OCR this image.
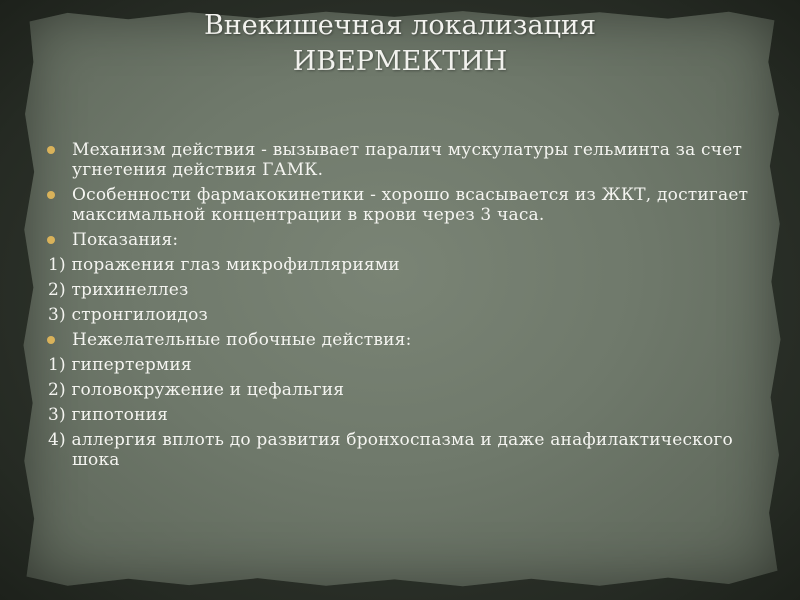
Внекишечная локализация
ИВЕРМЕКТИН
Механизм действия - вызывает паралич мускулатуры гельминта за счет угнетения действия ГАМК.
Особенности фармакокинетики - хорошо всасывается из ЖКТ, достигает максимальной концентрации в крови через 3 часа.
Показания:
1) поражения глаз микрофилляриями
2) трихинеллез
3) стронгилоидоз
Нежелательные побочные действия:
1) гипертермия
2) головокружение и цефальгия
3) гипотония
4) аллергия вплоть до развития бронхоспазма и даже анафилактического шока
